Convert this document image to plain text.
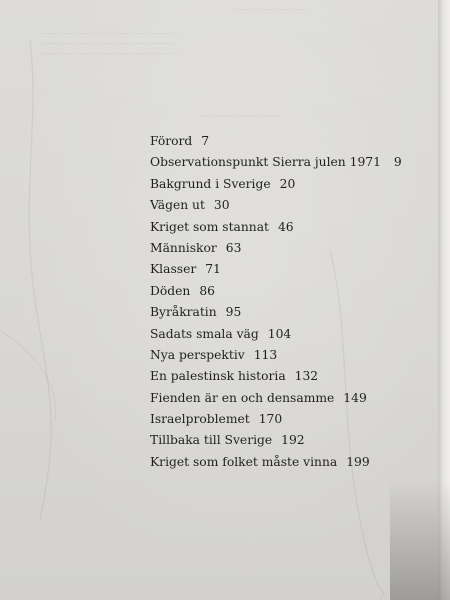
·······························
···························································
··························································
···························································
···························
Förord 7
Observationspunkt Sierra julen 1971 9
Bakgrund i Sverige 20
Vägen ut 30
Kriget som stannat 46
Människor 63
Klasser 71
Döden 86
Byråkratin 95
Sadats smala väg 104
Nya perspektiv 113
En palestinsk historia 132
Fienden är en och densamme 149
Israelproblemet 170
Tillbaka till Sverige 192
Kriget som folket måste vinna 199
